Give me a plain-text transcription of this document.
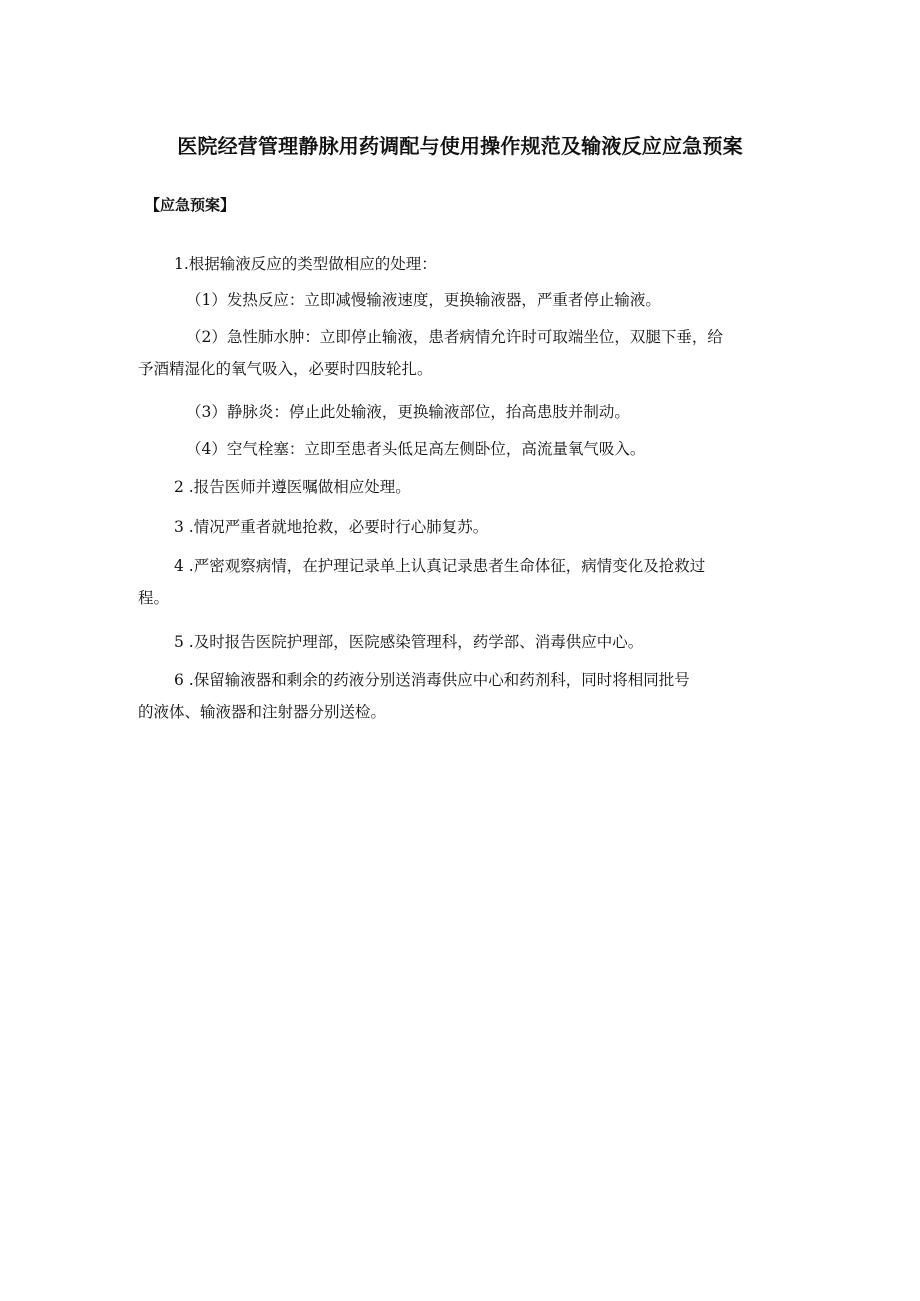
医院经营管理静脉用药调配与使用操作规范及输液反应应急预案
【应急预案】
1.根据输液反应的类型做相应的处理：
（1）发热反应：立即减慢输液速度，更换输液器，严重者停止输液。
（2）急性肺水肿：立即停止输液，患者病情允许时可取端坐位，双腿下垂，给
予酒精湿化的氧气吸入，必要时四肢轮扎。
（3）静脉炎：停止此处输液，更换输液部位，抬高患肢并制动。
（4）空气栓塞：立即至患者头低足高左侧卧位，高流量氧气吸入。
2 .报告医师并遵医嘱做相应处理。
3 .情况严重者就地抢救，必要时行心肺复苏。
4 .严密观察病情，在护理记录单上认真记录患者生命体征，病情变化及抢救过
程。
5 .及时报告医院护理部，医院感染管理科，药学部、消毒供应中心。
6 .保留输液器和剩余的药液分别送消毒供应中心和药剂科，同时将相同批号
的液体、输液器和注射器分别送检。
